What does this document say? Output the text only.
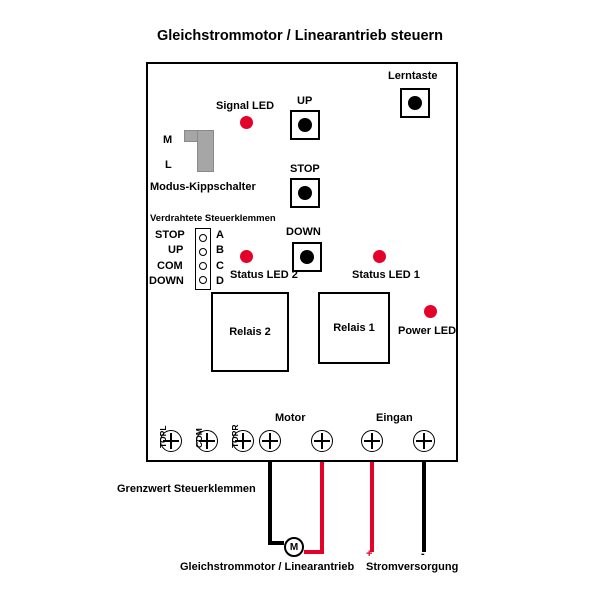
Gleichstrommotor / Linearantrieb steuern
Lerntaste
Signal LED UP
STOP
DOWN
M
L
Modus-Kippschalter
Verdrahtete Steuerklemmen
STOP
UP
COM
DOWN
A
B
C
D Status LED 2	Status LED 1
Power LED
Relais 2	Relais 1
TOPL	COM	TOPR
Grenzwert Steuerklemmen
Motor	Eingan
M
Gleichstrommotor / Linearantrieb
+	-
Stromversorgung
